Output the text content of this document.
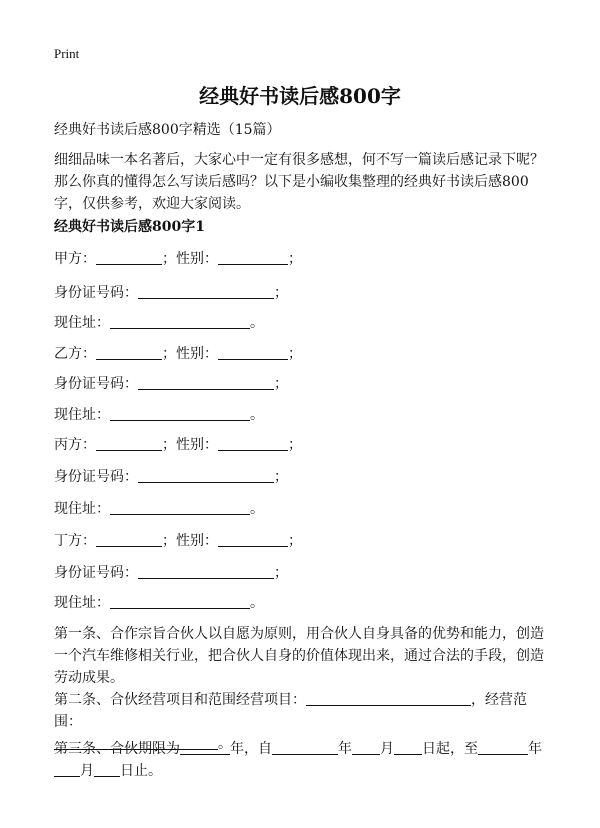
Print
经典好书读后感800字
经典好书读后感800字精选（15篇）
细细品味一本名著后，大家心中一定有很多感想，何不写一篇读后感记录下呢？那么你真的懂得怎么写读后感吗？以下是小编收集整理的经典好书读后感800字，仅供参考，欢迎大家阅读。
经典好书读后感800字1
甲方：	；性别：	；
身份证号码：	；
现住址：	。
乙方：	；性别：	；
身份证号码：	；
现住址：	。
丙方：	；性别：	；
身份证号码：	；
现住址：	。
丁方：	；性别：	；
身份证号码：	；
现住址：	。
第一条、合作宗旨合伙人以自愿为原则，用合伙人自身具备的优势和能力，创造一个汽车维修相关行业，把合伙人自身的价值体现出来，通过合法的手段，创造劳动成果。
第二条、合伙经营项目和范围经营项目：	，经营范围：
。
第三条、合伙期限为	年，自	年 月 日起，至	年
月 日止。
